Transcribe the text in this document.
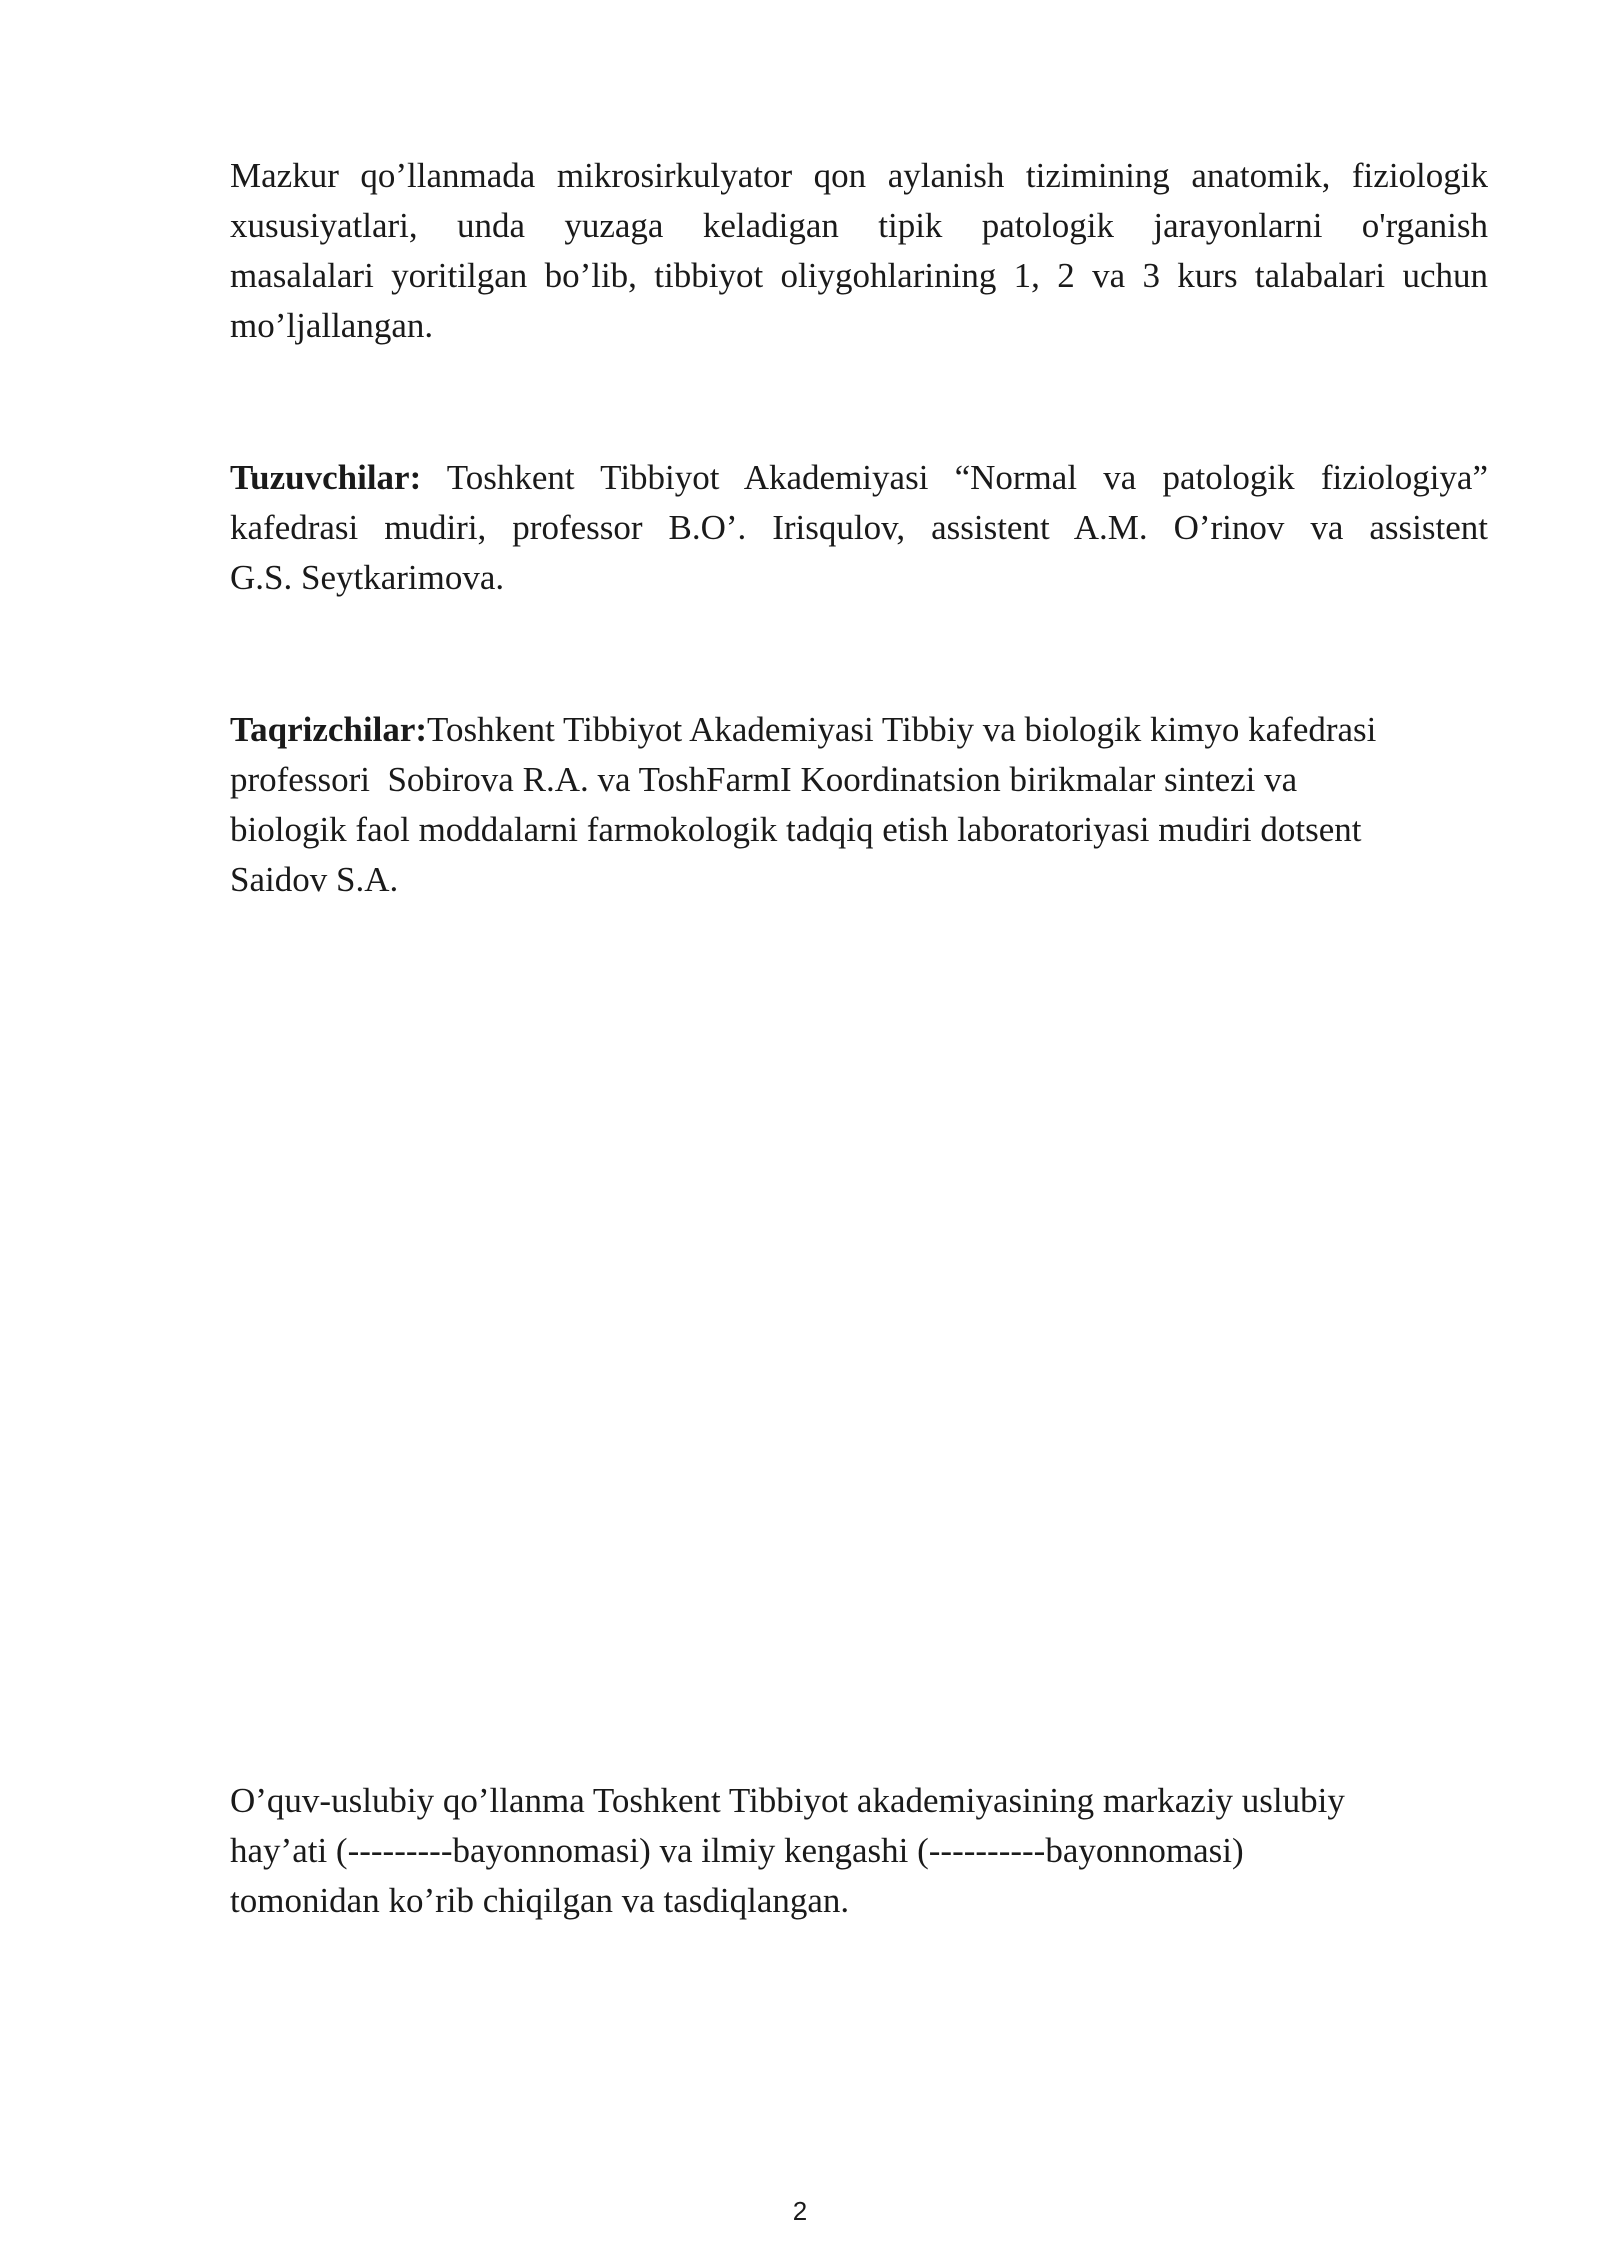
Mazkur qo’llanmada mikrosirkulyator qon aylanish tizimining anatomik, fiziologik
xususiyatlari, unda yuzaga keladigan tipik patologik jarayonlarni o'rganish
masalalari yoritilgan bo’lib, tibbiyot oliygohlarining 1, 2 va 3 kurs talabalari uchun
mo’ljallangan.

Tuzuvchilar: Toshkent Tibbiyot Akademiyasi “Normal va patologik fiziologiya”
kafedrasi mudiri, professor B.O’. Irisqulov, assistent A.M. O’rinov va assistent
G.S. Seytkarimova.

Taqrizchilar:Toshkent Tibbiyot Akademiyasi Tibbiy va biologik kimyo kafedrasi
professori  Sobirova R.A. va ToshFarmI Koordinatsion birikmalar sintezi va
biologik faol moddalarni farmokologik tadqiq etish laboratoriyasi mudiri dotsent
Saidov S.A.

O’quv-uslubiy qo’llanma Toshkent Tibbiyot akademiyasining markaziy uslubiy
hay’ati (---------bayonnomasi) va ilmiy kengashi (----------bayonnomasi)
tomonidan ko’rib chiqilgan va tasdiqlangan.

2
